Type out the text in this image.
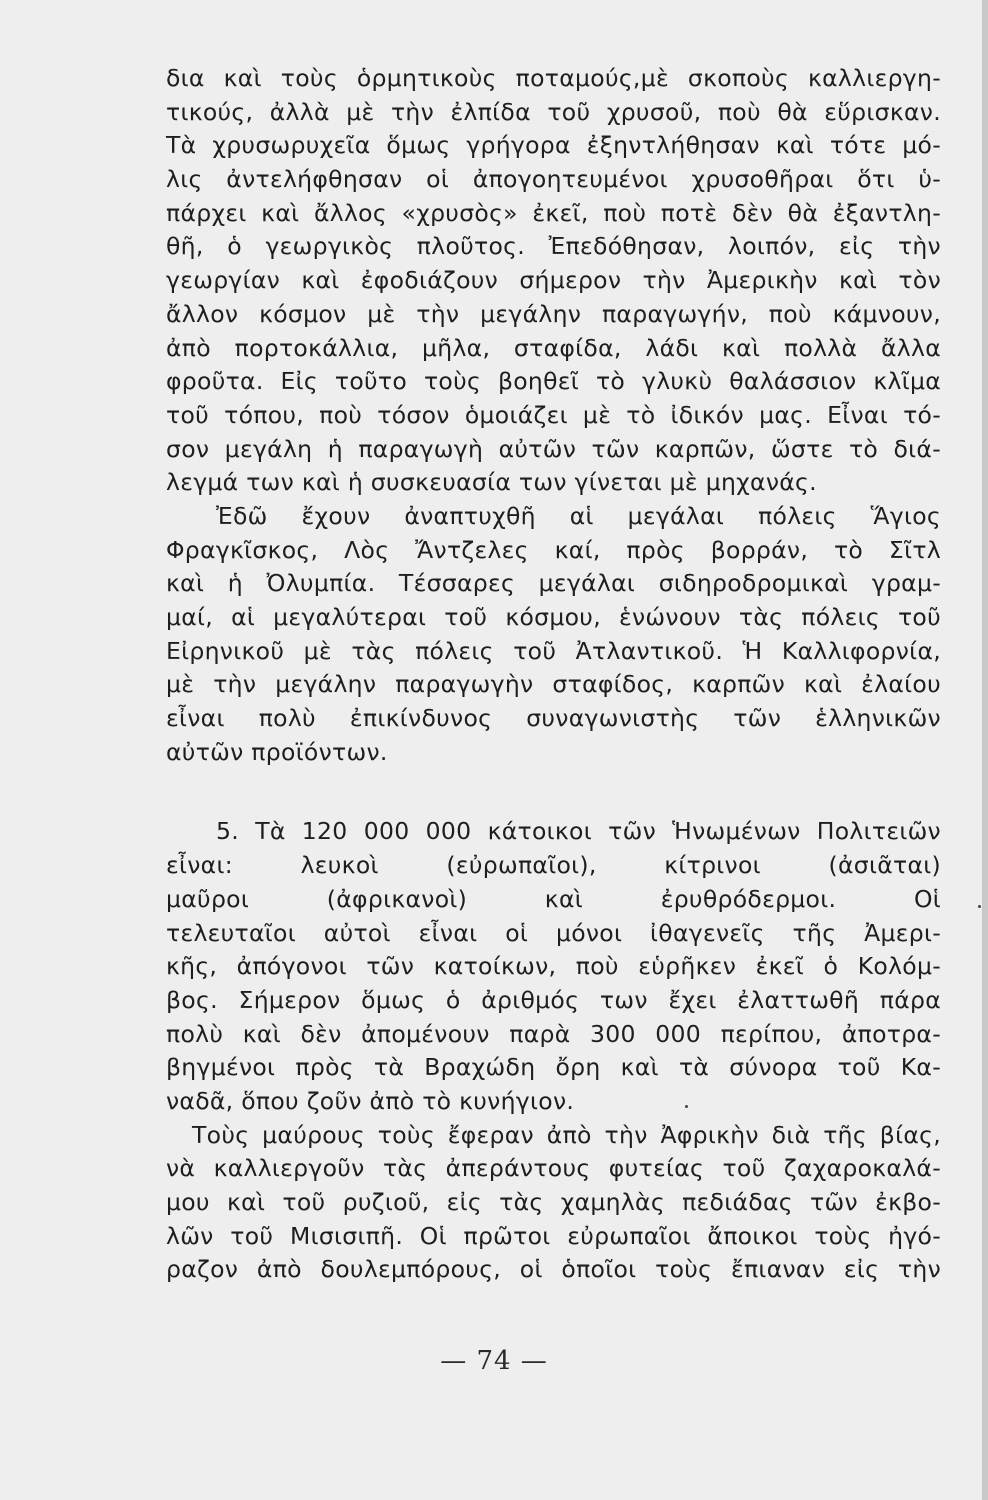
δια καὶ τοὺς ὁρμητικοὺς ποταμούς,μὲ σκοποὺς καλλιεργη-
τικούς, ἀλλὰ μὲ τὴν ἐλπίδα τοῦ χρυσοῦ, ποὺ θὰ εὕρισκαν.
Τὰ χρυσωρυχεῖα ὅμως γρήγορα ἐξηντλήθησαν καὶ τότε μό-
λις ἀντελήφθησαν οἱ ἀπογοητευμένοι χρυσοθῆραι ὅτι ὑ-
πάρχει καὶ ἄλλος «χρυσὸς» ἐκεῖ, ποὺ ποτὲ δὲν θὰ ἐξαντλη-
θῆ, ὁ γεωργικὸς πλοῦτος. Ἐπεδόθησαν, λοιπόν, εἰς τὴν
γεωργίαν καὶ ἐφοδιάζουν σήμερον τὴν Ἀμερικὴν καὶ τὸν
ἄλλον κόσμον μὲ τὴν μεγάλην παραγωγήν, ποὺ κάμνουν,
ἀπὸ πορτοκάλλια, μῆλα, σταφίδα, λάδι καὶ πολλὰ ἄλλα
φροῦτα. Εἰς τοῦτο τοὺς βοηθεῖ τὸ γλυκὺ θαλάσσιον κλῖμα
τοῦ τόπου, ποὺ τόσον ὁμοιάζει μὲ τὸ ἰδικόν μας. Εἶναι τό-
σον μεγάλη ἡ παραγωγὴ αὐτῶν τῶν καρπῶν, ὥστε τὸ διά-
λεγμά των καὶ ἡ συσκευασία των γίνεται μὲ μηχανάς.
Ἐδῶ ἔχουν ἀναπτυχθῆ αἱ μεγάλαι πόλεις Ἅγιος
Φραγκῖσκος, Λὸς Ἄντζελες καί, πρὸς βορράν, τὸ Σῖτλ
καὶ ἡ Ὀλυμπία. Τέσσαρες μεγάλαι σιδηροδρομικαὶ γραμ-
μαί, αἱ μεγαλύτεραι τοῦ κόσμου, ἑνώνουν τὰς πόλεις τοῦ
Εἰρηνικοῦ μὲ τὰς πόλεις τοῦ Ἀτλαντικοῦ. Ἡ Καλλιφορνία,
μὲ τὴν μεγάλην παραγωγὴν σταφίδος, καρπῶν καὶ ἐλαίου
εἶναι πολὺ ἐπικίνδυνος συναγωνιστὴς τῶν ἑλληνικῶν
αὐτῶν προϊόντων.
5. Τὰ 120 000 000 κάτοικοι τῶν Ἡνωμένων Πολιτειῶν
εἶναι: λευκοὶ (εὐρωπαῖοι), κίτρινοι (ἀσιᾶται)
μαῦροι (ἀφρικανοὶ) καὶ ἐρυθρόδερμοι. Οἱ
τελευταῖοι αὐτοὶ εἶναι οἱ μόνοι ἰθαγενεῖς τῆς Ἀμερι-
κῆς, ἀπόγονοι τῶν κατοίκων, ποὺ εὑρῆκεν ἐκεῖ ὁ Κολόμ-
βος. Σήμερον ὅμως ὁ ἀριθμός των ἔχει ἐλαττωθῆ πάρα
πολὺ καὶ δὲν ἀπομένουν παρὰ 300 000 περίπου, ἀποτρα-
βηγμένοι πρὸς τὰ Βραχώδη ὄρη καὶ τὰ σύνορα τοῦ Κα-
ναδᾶ, ὅπου ζοῦν ἀπὸ τὸ κυνήγιον.
Τοὺς μαύρους τοὺς ἔφεραν ἀπὸ τὴν Ἀφρικὴν διὰ τῆς βίας,
νὰ καλλιεργοῦν τὰς ἀπεράντους φυτείας τοῦ ζαχαροκαλά-
μου καὶ τοῦ ρυζιοῦ, εἰς τὰς χαμηλὰς πεδιάδας τῶν ἐκβο-
λῶν τοῦ Μισισιπῆ. Οἱ πρῶτοι εὐρωπαῖοι ἄποικοι τοὺς ἠγό-
ραζον ἀπὸ δουλεμπόρους, οἱ ὁποῖοι τοὺς ἔπιαναν εἰς τὴν
— 74 —
